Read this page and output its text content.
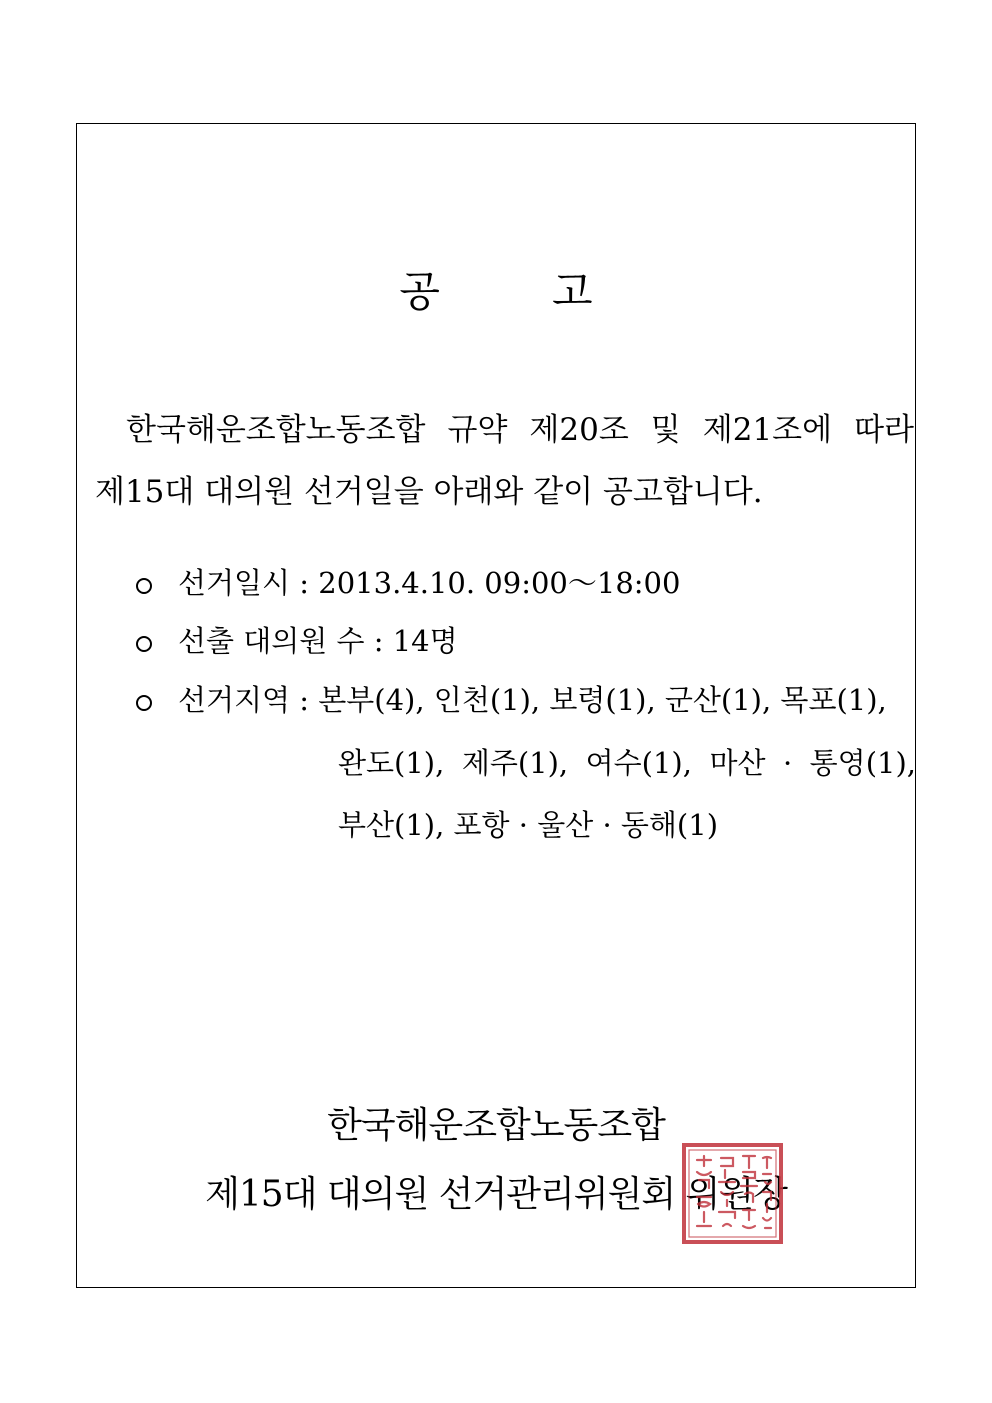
공	고
한국해운조합노동조합 규약 제20조 및 제21조에 따라
제15대 대의원 선거일을 아래와 같이 공고합니다.
선거일시 : 2013.4.10. 09:00～18:00
선출 대의원 수 : 14명
선거지역 : 본부(4), 인천(1), 보령(1), 군산(1), 목포(1),
완도(1), 제주(1), 여수(1), 마산 · 통영(1),
부산(1), 포항 · 울산 · 동해(1)
한국해운조합노동조합
제15대 대의원 선거관리위원회 위원장
